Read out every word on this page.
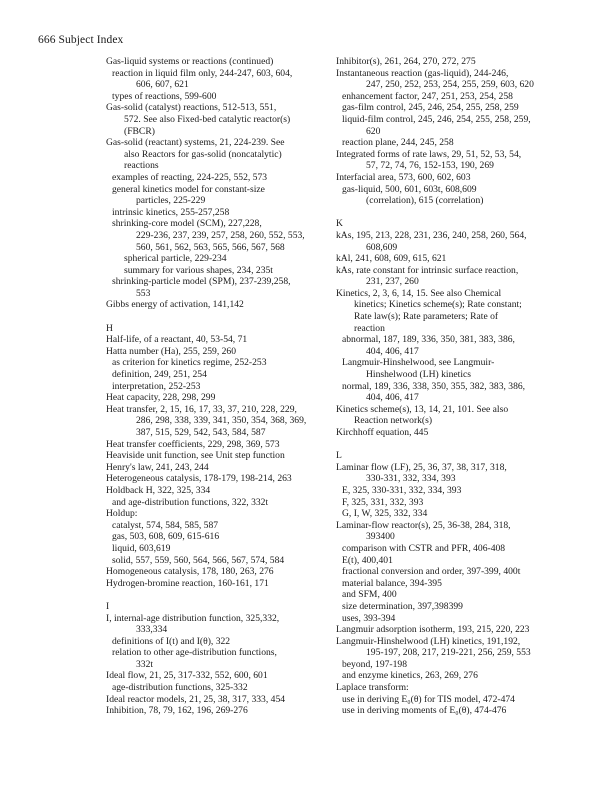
666 Subject Index
Gas-liquid systems or reactions (continued)
reaction in liquid film only, 244-247, 603, 604,
606, 607, 621
types of reactions, 599-600
Gas-solid (catalyst) reactions, 512-513, 551,
572. See also Fixed-bed catalytic reactor(s)
(FBCR)
Gas-solid (reactant) systems, 21, 224-239. See
also Reactors for gas-solid (noncatalytic)
reactions
examples of reacting, 224-225, 552, 573
general kinetics model for constant-size
particles, 225-229
intrinsic kinetics, 255-257,258
shrinking-core model (SCM), 227,228,
229-236, 237, 239, 257, 258, 260, 552, 553,
560, 561, 562, 563, 565, 566, 567, 568
spherical particle, 229-234
summary for various shapes, 234, 235t
shrinking-particle model (SPM), 237-239,258,
553
Gibbs energy of activation, 141,142
H
Half-life, of a reactant, 40, 53-54, 71
Hatta number (Ha), 255, 259, 260
as criterion for kinetics regime, 252-253
definition, 249, 251, 254
interpretation, 252-253
Heat capacity, 228, 298, 299
Heat transfer, 2, 15, 16, 17, 33, 37, 210, 228, 229,
286, 298, 338, 339, 341, 350, 354, 368, 369,
387, 515, 529, 542, 543, 584, 587
Heat transfer coefficients, 229, 298, 369, 573
Heaviside unit function, see Unit step function
Henry's law, 241, 243, 244
Heterogeneous catalysis, 178-179, 198-214, 263
Holdback H, 322, 325, 334
and age-distribution functions, 322, 332t
Holdup:
catalyst, 574, 584, 585, 587
gas, 503, 608, 609, 615-616
liquid, 603,619
solid, 557, 559, 560, 564, 566, 567, 574, 584
Homogeneous catalysis, 178, 180, 263, 276
Hydrogen-bromine reaction, 160-161, 171
I
I, internal-age distribution function, 325,332,
333,334
definitions of I(t) and I(θ), 322
relation to other age-distribution functions,
332t
Ideal flow, 21, 25, 317-332, 552, 600, 601
age-distribution functions, 325-332
Ideal reactor models, 21, 25, 38, 317, 333, 454
Inhibition, 78, 79, 162, 196, 269-276
Inhibitor(s), 261, 264, 270, 272, 275
Instantaneous reaction (gas-liquid), 244-246,
247, 250, 252, 253, 254, 255, 259, 603, 620
enhancement factor, 247, 251, 253, 254, 258
gas-film control, 245, 246, 254, 255, 258, 259
liquid-film control, 245, 246, 254, 255, 258, 259,
620
reaction plane, 244, 245, 258
Integrated forms of rate laws, 29, 51, 52, 53, 54,
57, 72, 74, 76, 152-153, 190, 269
Interfacial area, 573, 600, 602, 603
gas-liquid, 500, 601, 603t, 608,609
(correlation), 615 (correlation)
K
kAs, 195, 213, 228, 231, 236, 240, 258, 260, 564,
608,609
kAl, 241, 608, 609, 615, 621
kAs, rate constant for intrinsic surface reaction,
231, 237, 260
Kinetics, 2, 3, 6, 14, 15. See also Chemical
kinetics; Kinetics scheme(s); Rate constant;
Rate law(s); Rate parameters; Rate of
reaction
abnormal, 187, 189, 336, 350, 381, 383, 386,
404, 406, 417
Langmuir-Hinshelwood, see Langmuir-
Hinshelwood (LH) kinetics
normal, 189, 336, 338, 350, 355, 382, 383, 386,
404, 406, 417
Kinetics scheme(s), 13, 14, 21, 101. See also
Reaction network(s)
Kirchhoff equation, 445
L
Laminar flow (LF), 25, 36, 37, 38, 317, 318,
330-331, 332, 334, 393
E, 325, 330-331, 332, 334, 393
F, 325, 331, 332, 393
G, I, W, 325, 332, 334
Laminar-flow reactor(s), 25, 36-38, 284, 318,
393400
comparison with CSTR and PFR, 406-408
E(t), 400,401
fractional conversion and order, 397-399, 400t
material balance, 394-395
and SFM, 400
size determination, 397,398399
uses, 393-394
Langmuir adsorption isotherm, 193, 215, 220, 223
Langmuir-Hinshelwood (LH) kinetics, 191,192,
195-197, 208, 217, 219-221, 256, 259, 553
beyond, 197-198
and enzyme kinetics, 263, 269, 276
Laplace transform:
use in deriving E₀(θ) for TIS model, 472-474
use in deriving moments of E₀(θ), 474-476
